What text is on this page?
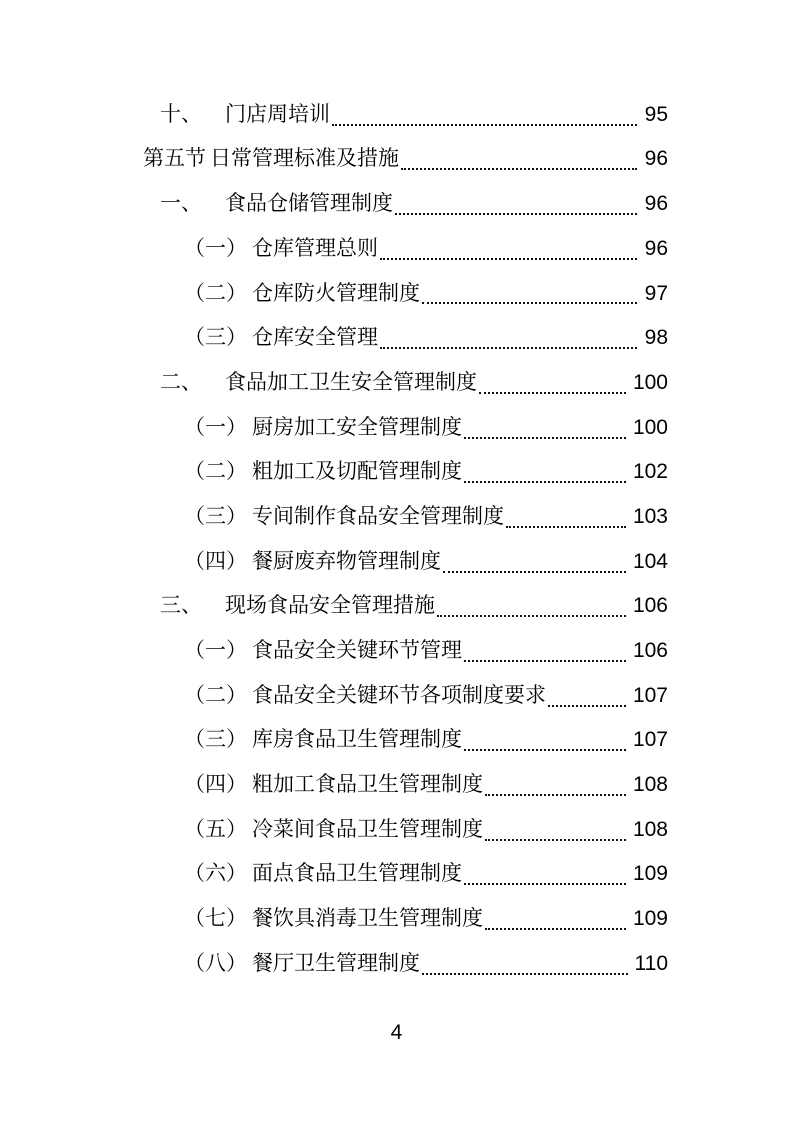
十、	门店周培训	95
第五节 日常管理标准及措施	96
一、	食品仓储管理制度	96
（一） 仓库管理总则	96
（二） 仓库防火管理制度	97
（三） 仓库安全管理	98
二、	食品加工卫生安全管理制度	100
（一） 厨房加工安全管理制度	100
（二） 粗加工及切配管理制度	102
（三） 专间制作食品安全管理制度	103
（四） 餐厨废弃物管理制度	104
三、	现场食品安全管理措施	106
（一） 食品安全关键环节管理	106
（二） 食品安全关键环节各项制度要求	107
（三） 库房食品卫生管理制度	107
（四） 粗加工食品卫生管理制度	108
（五） 冷菜间食品卫生管理制度	108
（六） 面点食品卫生管理制度	109
（七） 餐饮具消毒卫生管理制度	109
（八） 餐厅卫生管理制度	110
4
